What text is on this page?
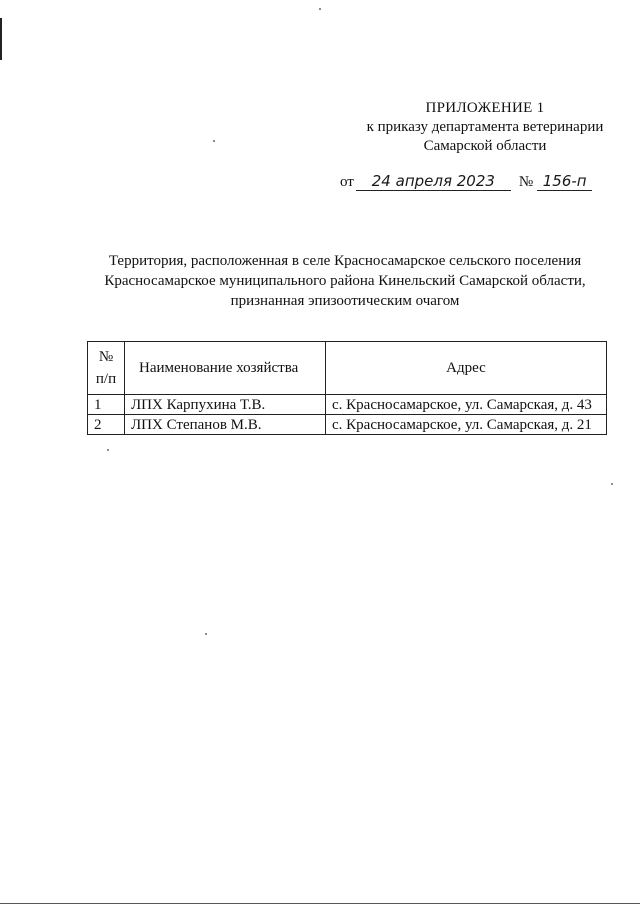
ПРИЛОЖЕНИЕ 1
к приказу департамента ветеринарии
Самарской области
от 24 апреля 2023 № 156-п
Территория, расположенная в селе Красносамарское сельского поселения
Красносамарское муниципального района Кинельский Самарской области,
признанная эпизоотическим очагом
№
п/п	Наименование хозяйства	Адрес
1	ЛПХ Карпухина Т.В.	с. Красносамарское, ул. Самарская, д. 43
2	ЛПХ Степанов М.В.	с. Красносамарское, ул. Самарская, д. 21
